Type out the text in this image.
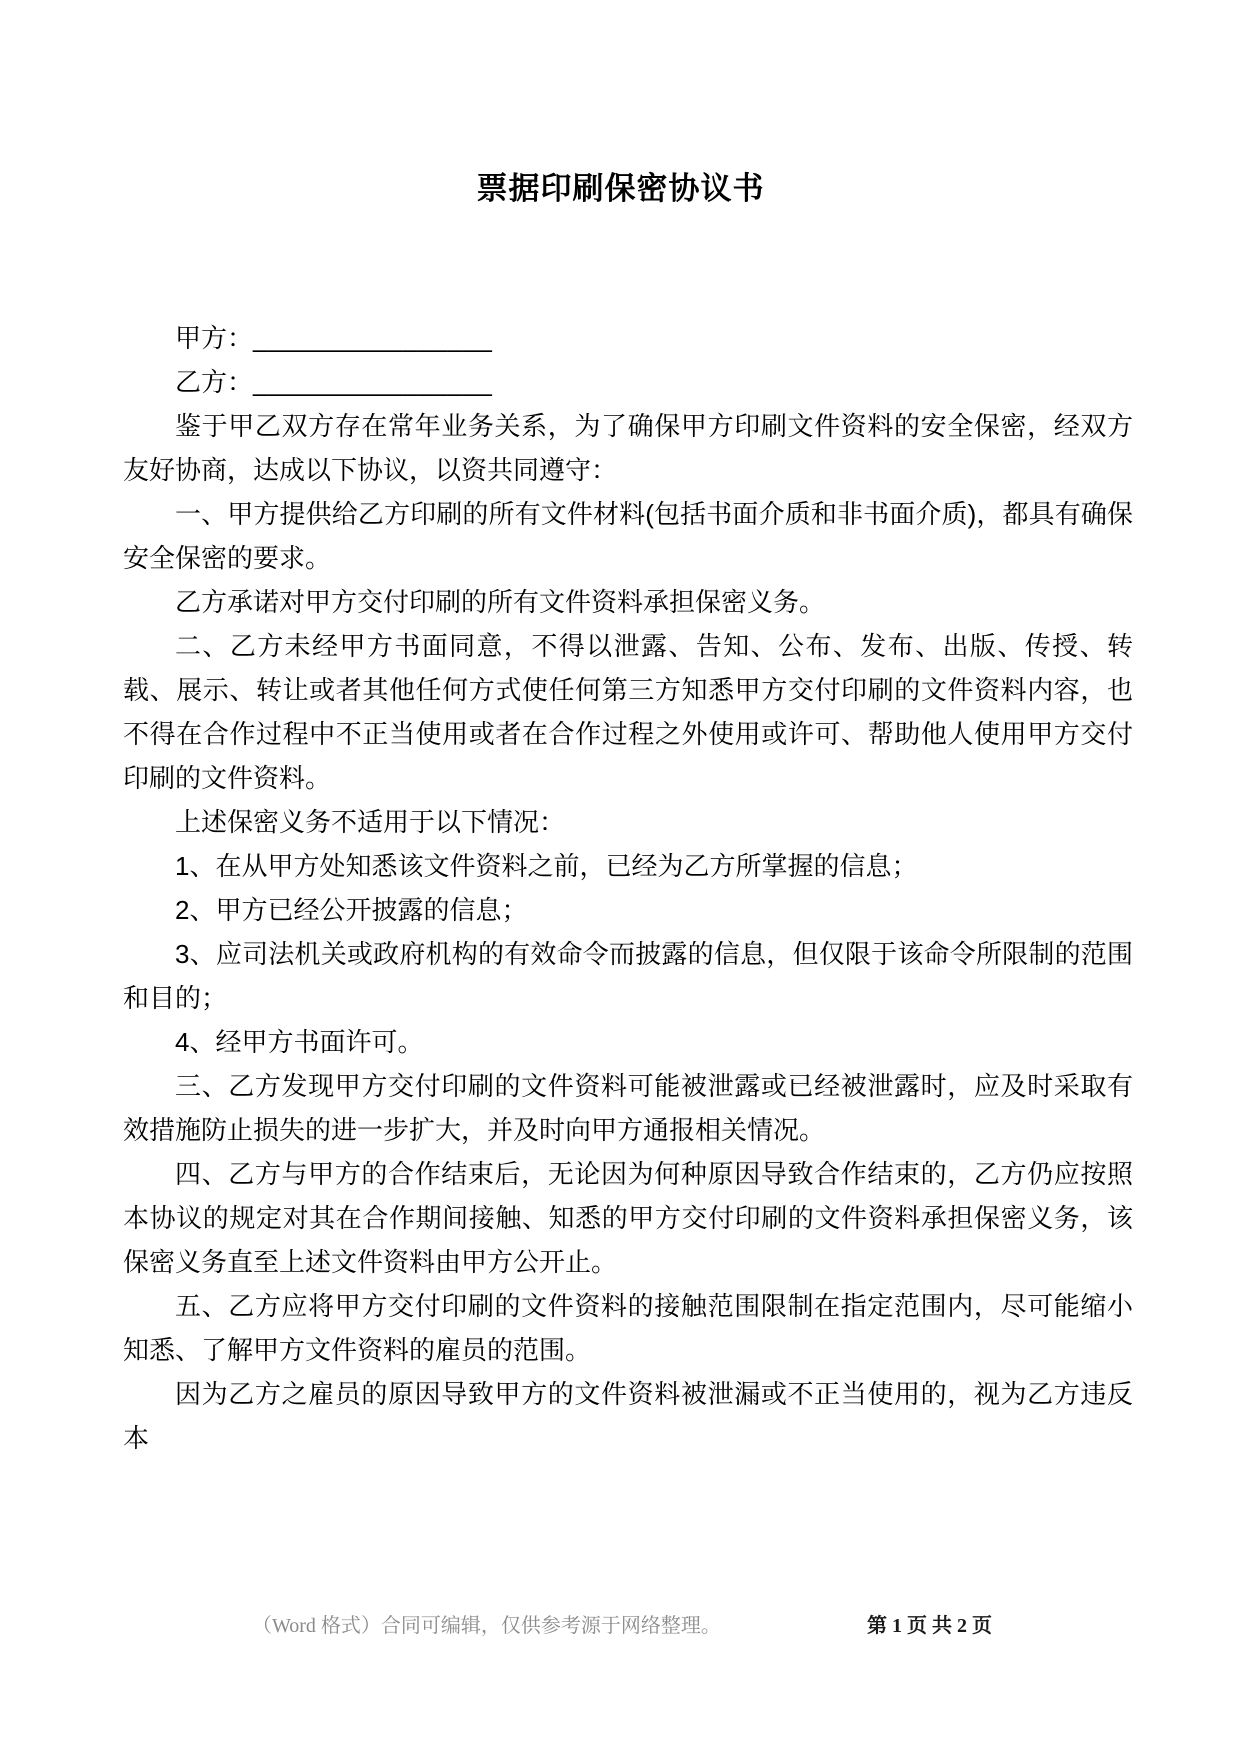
票据印刷保密协议书

甲方：________________

乙方：________________

鉴于甲乙双方存在常年业务关系，为了确保甲方印刷文件资料的安全保密，经双方友好协商，达成以下协议，以资共同遵守：

一、甲方提供给乙方印刷的所有文件材料(包括书面介质和非书面介质)，都具有确保安全保密的要求。

乙方承诺对甲方交付印刷的所有文件资料承担保密义务。

二、乙方未经甲方书面同意，不得以泄露、告知、公布、发布、出版、传授、转载、展示、转让或者其他任何方式使任何第三方知悉甲方交付印刷的文件资料内容，也不得在合作过程中不正当使用或者在合作过程之外使用或许可、帮助他人使用甲方交付印刷的文件资料。

上述保密义务不适用于以下情况：

1、在从甲方处知悉该文件资料之前，已经为乙方所掌握的信息；

2、甲方已经公开披露的信息；

3、应司法机关或政府机构的有效命令而披露的信息，但仅限于该命令所限制的范围和目的；

4、经甲方书面许可。

三、乙方发现甲方交付印刷的文件资料可能被泄露或已经被泄露时，应及时采取有效措施防止损失的进一步扩大，并及时向甲方通报相关情况。

四、乙方与甲方的合作结束后，无论因为何种原因导致合作结束的，乙方仍应按照本协议的规定对其在合作期间接触、知悉的甲方交付印刷的文件资料承担保密义务，该保密义务直至上述文件资料由甲方公开止。

五、乙方应将甲方交付印刷的文件资料的接触范围限制在指定范围内，尽可能缩小知悉、了解甲方文件资料的雇员的范围。

因为乙方之雇员的原因导致甲方的文件资料被泄漏或不正当使用的，视为乙方违反本

（Word 格式）合同可编辑，仅供参考源于网络整理。	第 1 页 共 2 页
